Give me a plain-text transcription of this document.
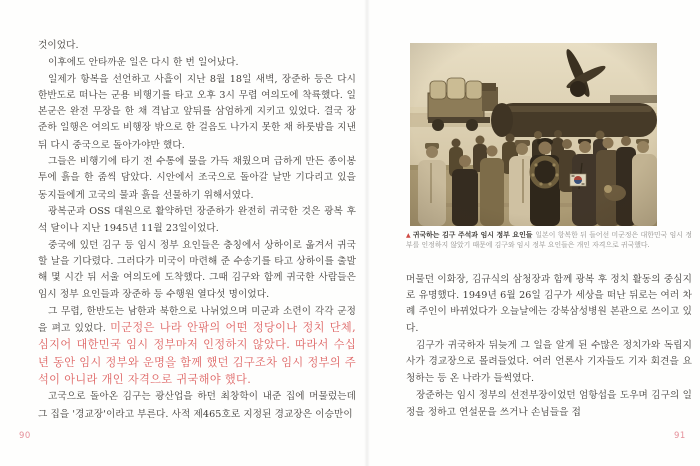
것이었다.

이후에도 안타까운 일은 다시 한 번 일어났다.

일제가 항복을 선언하고 사흘이 지난 8월 18일 새벽, 장준하 등은 다시 한반도로 떠나는 군용 비행기를 타고 오후 3시 무렵 여의도에 착륙했다. 일본군은 완전 무장을 한 채 격납고 앞뒤를 삼엄하게 지키고 있었다. 결국 장준하 일행은 여의도 비행장 밖으로 한 걸음도 나가지 못한 채 하룻밤을 지낸 뒤 다시 중국으로 돌아가야만 했다.

그들은 비행기에 타기 전 수통에 물을 가득 채웠으며 급하게 만든 종이봉투에 흙을 한 줌씩 담았다. 시안에서 조국으로 돌아갈 날만 기다리고 있을 동지들에게 고국의 물과 흙을 선물하기 위해서였다.

광복군과 OSS 대원으로 활약하던 장준하가 완전히 귀국한 것은 광복 후 석 달이나 지난 1945년 11월 23일이었다.

중국에 있던 김구 등 임시 정부 요인들은 충칭에서 상하이로 옮겨서 귀국할 날을 기다렸다. 그러다가 미국이 마련해 준 수송기를 타고 상하이를 출발해 몇 시간 뒤 서울 여의도에 도착했다. 그때 김구와 함께 귀국한 사람들은 임시 정부 요인들과 장준하 등 수행원 열다섯 명이었다.

그 무렵, 한반도는 남한과 북한으로 나뉘었으며 미군과 소련이 각각 군정을 펴고 있었다. 미군정은 나라 안팎의 어떤 정당이나 정치 단체, 심지어 대한민국 임시 정부마저 인정하지 않았다. 따라서 수십 년 동안 임시 정부와 운명을 함께 했던 김구조차 임시 정부의 주석이 아니라 개인 자격으로 귀국해야 했다.

고국으로 돌아온 김구는 광산업을 하던 최창학이 내준 집에 머물렀는데 그 집을 '경교장'이라고 부른다. 사적 제465호로 지정된 경교장은 이승만이

▲ 귀국하는 김구 주석과 임시 정부 요인들 일본이 항복한 뒤 들어선 미군정은 대한민국 임시 정부를 인정하지 않았기 때문에 김구와 임시 정부 요인들은 개인 자격으로 귀국했다.

머물던 이화장, 김규식의 삼청장과 함께 광복 후 정치 활동의 중심지로 유명했다. 1949년 6월 26일 김구가 세상을 떠난 뒤로는 여러 차례 주인이 바뀌었다가 오늘날에는 강북삼성병원 본관으로 쓰이고 있다.

김구가 귀국하자 뒤늦게 그 일을 알게 된 수많은 정치가와 독립지사가 경교장으로 몰려들었다. 여러 언론사 기자들도 기자 회견을 요청하는 등 온 나라가 들썩였다.

장준하는 임시 정부의 선전부장이었던 엄항섭을 도우며 김구의 일정을 정하고 연설문을 쓰거나 손님들을 접

90	91
